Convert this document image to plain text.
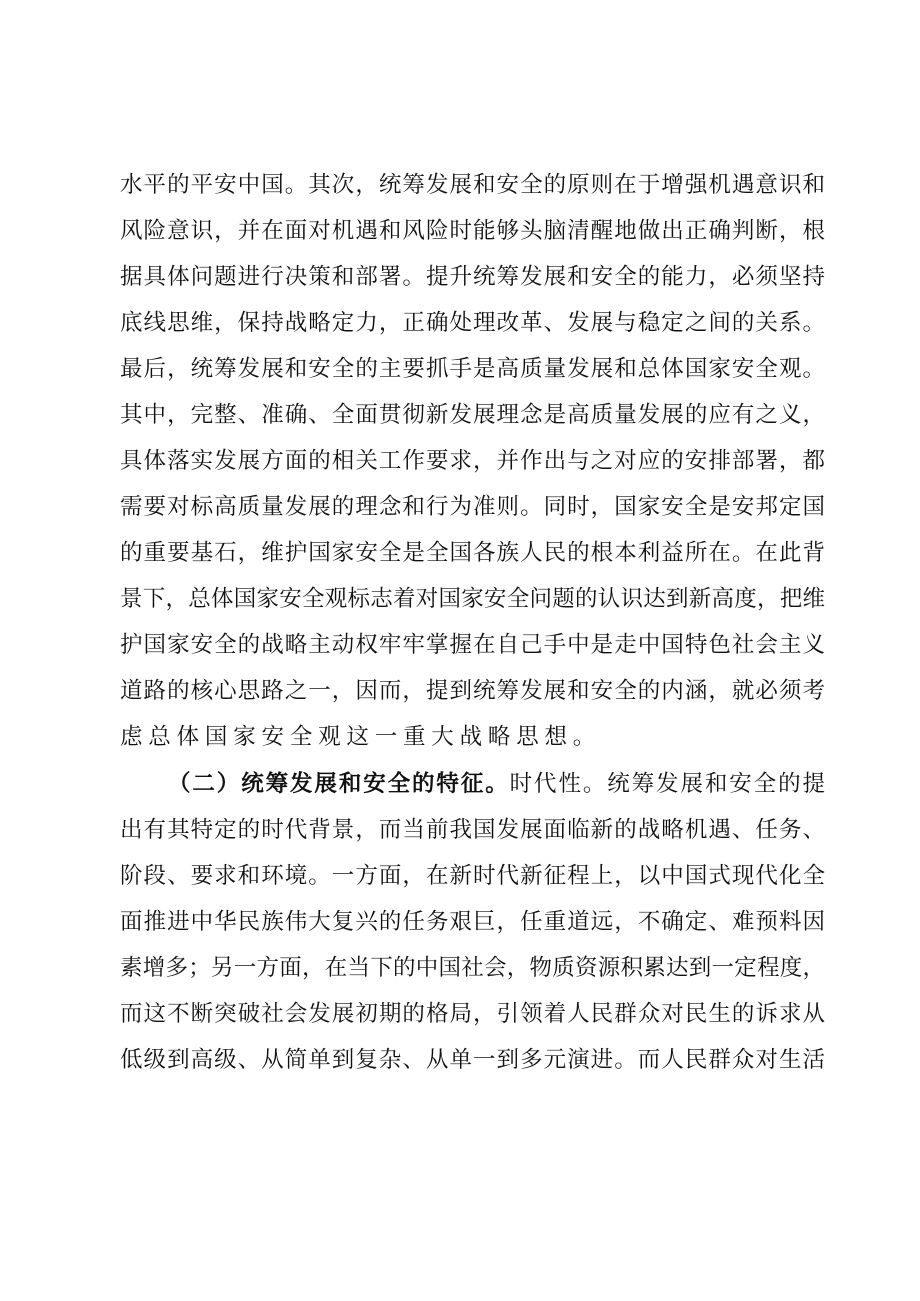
水平的平安中国。其次，统筹发展和安全的原则在于增强机遇意识和
风险意识，并在面对机遇和风险时能够头脑清醒地做出正确判断，根
据具体问题进行决策和部署。提升统筹发展和安全的能力，必须坚持
底线思维，保持战略定力，正确处理改革、发展与稳定之间的关系。
最后，统筹发展和安全的主要抓手是高质量发展和总体国家安全观。
其中，完整、准确、全面贯彻新发展理念是高质量发展的应有之义，
具体落实发展方面的相关工作要求，并作出与之对应的安排部署，都
需要对标高质量发展的理念和行为准则。同时，国家安全是安邦定国
的重要基石，维护国家安全是全国各族人民的根本利益所在。在此背
景下，总体国家安全观标志着对国家安全问题的认识达到新高度，把维
护国家安全的战略主动权牢牢掌握在自己手中是走中国特色社会主义
道路的核心思路之一，因而，提到统筹发展和安全的内涵，就必须考
虑总体国家安全观这一重大战略思想。
（二）统筹发展和安全的特征。时代性。统筹发展和安全的提
出有其特定的时代背景，而当前我国发展面临新的战略机遇、任务、
阶段、要求和环境。一方面，在新时代新征程上，以中国式现代化全
面推进中华民族伟大复兴的任务艰巨，任重道远，不确定、难预料因
素增多；另一方面，在当下的中国社会，物质资源积累达到一定程度，
而这不断突破社会发展初期的格局，引领着人民群众对民生的诉求从
低级到高级、从简单到复杂、从单一到多元演进。而人民群众对生活
